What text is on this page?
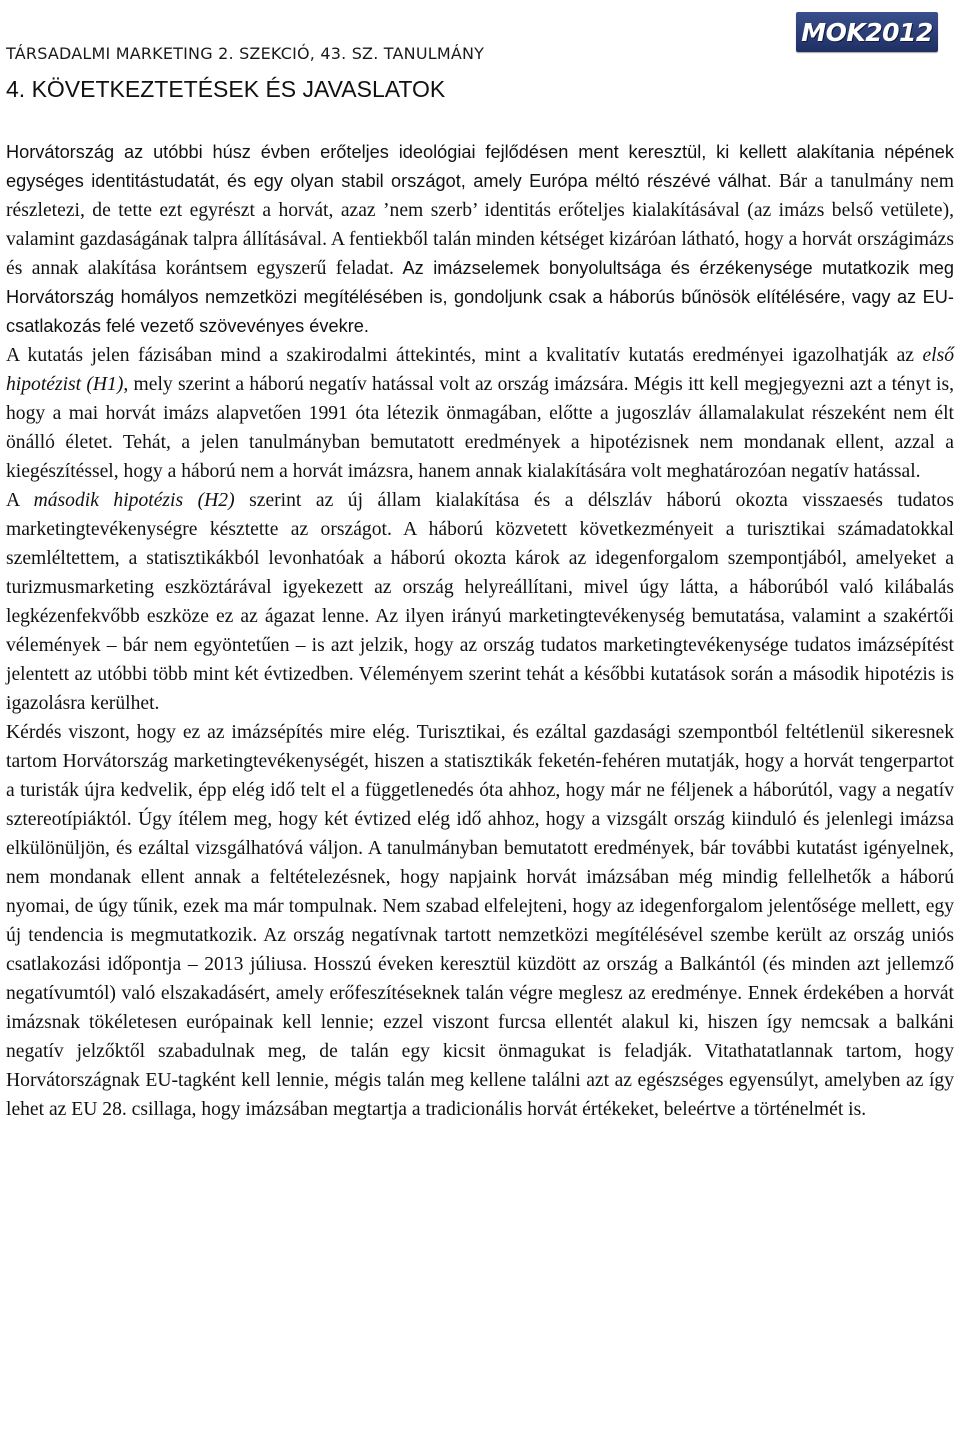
TÁRSADALMI MARKETING 2. SZEKCIÓ, 43. SZ. TANULMÁNY
MOK2012
4. KÖVETKEZTETÉSEK ÉS JAVASLATOK

Horvátország az utóbbi húsz évben erőteljes ideológiai fejlődésen ment keresztül, ki kellett alakítania népének egységes identitástudatát, és egy olyan stabil országot, amely Európa méltó részévé válhat. Bár a tanulmány nem részletezi, de tette ezt egyrészt a horvát, azaz ’nem szerb’ identitás erőteljes kialakításával (az imázs belső vetülete), valamint gazdaságának talpra állításával. A fentiekből talán minden kétséget kizáróan látható, hogy a horvát országimázs és annak alakítása korántsem egyszerű feladat. Az imázselemek bonyolultsága és érzékenysége mutatkozik meg Horvátország homályos nemzetközi megítélésében is, gondoljunk csak a háborús bűnösök elítélésére, vagy az EU-csatlakozás felé vezető szövevényes évekre.

A kutatás jelen fázisában mind a szakirodalmi áttekintés, mint a kvalitatív kutatás eredményei igazolhatják az első hipotézist (H1), mely szerint a háború negatív hatással volt az ország imázsára. Mégis itt kell megjegyezni azt a tényt is, hogy a mai horvát imázs alapvetően 1991 óta létezik önmagában, előtte a jugoszláv államalakulat részeként nem élt önálló életet. Tehát, a jelen tanulmányban bemutatott eredmények a hipotézisnek nem mondanak ellent, azzal a kiegészítéssel, hogy a háború nem a horvát imázsra, hanem annak kialakítására volt meghatározóan negatív hatással.

A második hipotézis (H2) szerint az új állam kialakítása és a délszláv háború okozta visszaesés tudatos marketingtevékenységre késztette az országot. A háború közvetett következményeit a turisztikai számadatokkal szemléltettem, a statisztikákból levonhatóak a háború okozta károk az idegenforgalom szempontjából, amelyeket a turizmusmarketing eszköztárával igyekezett az ország helyreállítani, mivel úgy látta, a háborúból való kilábalás legkézenfekvőbb eszköze ez az ágazat lenne. Az ilyen irányú marketingtevékenység bemutatása, valamint a szakértői vélemények – bár nem egyöntetűen – is azt jelzik, hogy az ország tudatos marketingtevékenysége tudatos imázsépítést jelentett az utóbbi több mint két évtizedben. Véleményem szerint tehát a későbbi kutatások során a második hipotézis is igazolásra kerülhet.

Kérdés viszont, hogy ez az imázsépítés mire elég. Turisztikai, és ezáltal gazdasági szempontból feltétlenül sikeresnek tartom Horvátország marketingtevékenységét, hiszen a statisztikák feketén-fehéren mutatják, hogy a horvát tengerpartot a turisták újra kedvelik, épp elég idő telt el a függetlenedés óta ahhoz, hogy már ne féljenek a háborútól, vagy a negatív sztereotípiáktól. Úgy ítélem meg, hogy két évtized elég idő ahhoz, hogy a vizsgált ország kiinduló és jelenlegi imázsa elkülönüljön, és ezáltal vizsgálhatóvá váljon. A tanulmányban bemutatott eredmények, bár további kutatást igényelnek, nem mondanak ellent annak a feltételezésnek, hogy napjaink horvát imázsában még mindig fellelhetők a háború nyomai, de úgy tűnik, ezek ma már tompulnak. Nem szabad elfelejteni, hogy az idegenforgalom jelentősége mellett, egy új tendencia is megmutatkozik. Az ország negatívnak tartott nemzetközi megítélésével szembe került az ország uniós csatlakozási időpontja – 2013 júliusa. Hosszú éveken keresztül küzdött az ország a Balkántól (és minden azt jellemző negatívumtól) való elszakadásért, amely erőfeszítéseknek talán végre meglesz az eredménye. Ennek érdekében a horvát imázsnak tökéletesen európainak kell lennie; ezzel viszont furcsa ellentét alakul ki, hiszen így nemcsak a balkáni negatív jelzőktől szabadulnak meg, de talán egy kicsit önmagukat is feladják. Vitathatatlannak tartom, hogy Horvátországnak EU-tagként kell lennie, mégis talán meg kellene találni azt az egészséges egyensúlyt, amelyben az így lehet az EU 28. csillaga, hogy imázsában megtartja a tradicionális horvát értékeket, beleértve a történelmét is.
